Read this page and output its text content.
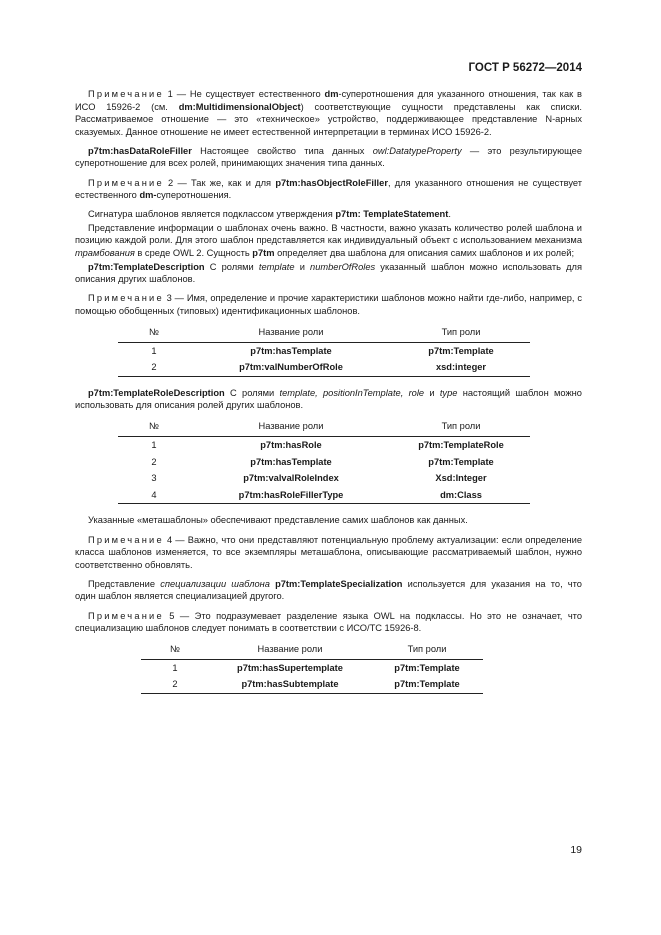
ГОСТ Р 56272—2014

Примечание 1 — Не существует естественного dm-суперотношения для указанного отношения, так как в ИСО 15926-2 (см. dm:MultidimensionalObject) соответствующие сущности представлены как списки. Рассматриваемое отношение — это «техническое» устройство, поддерживающее представление N-арных сказуемых. Данное отношение не имеет естественной интерпретации в терминах ИСО 15926-2.

p7tm:hasDataRoleFiller Настоящее свойство типа данных owl:DatatypeProperty — это результирующее суперотношение для всех ролей, принимающих значения типа данных.

Примечание 2 — Так же, как и для p7tm:hasObjectRoleFiller, для указанного отношения не существует естественного dm-суперотношения.

Сигнатура шаблонов является подклассом утверждения p7tm: TemplateStatement.

Представление информации о шаблонах очень важно. В частности, важно указать количество ролей шаблона и позицию каждой роли. Для этого шаблон представляется как индивидуальный объект с использованием механизма трамбования в среде OWL 2. Сущность p7tm определяет два шаблона для описания самих шаблонов и их ролей;

p7tm:TemplateDescription С ролями template и numberOfRoles указанный шаблон можно использовать для описания других шаблонов.

Примечание 3 — Имя, определение и прочие характеристики шаблонов можно найти где-либо, например, с помощью обобщенных (типовых) идентификационных шаблонов.

№	Название роли	Тип роли
1	p7tm:hasTemplate	p7tm:Template
2	p7tm:valNumberOfRole	xsd:integer

p7tm:TemplateRoleDescription С ролями template, positionInTemplate, role и type настоящий шаблон можно использовать для описания ролей других шаблонов.

№	Название роли	Тип роли
1	p7tm:hasRole	p7tm:TemplateRole
2	p7tm:hasTemplate	p7tm:Template
3	p7tm:valvalRoleIndex	Xsd:Integer
4	p7tm:hasRoleFillerType	dm:Class

Указанные «меташаблоны» обеспечивают представление самих шаблонов как данных.

Примечание 4 — Важно, что они представляют потенциальную проблему актуализации: если определение класса шаблонов изменяется, то все экземпляры меташаблона, описывающие рассматриваемый шаблон, нужно соответственно обновлять.

Представление специализации шаблона p7tm:TemplateSpecialization используется для указания на то, что один шаблон является специализацией другого.

Примечание 5 — Это подразумевает разделение языка OWL на подклассы. Но это не означает, что специализацию шаблонов следует понимать в соответствии с ИСО/ТС 15926-8.

№	Название роли	Тип роли
1	p7tm:hasSupertemplate	p7tm:Template
2	p7tm:hasSubtemplate	p7tm:Template
19
